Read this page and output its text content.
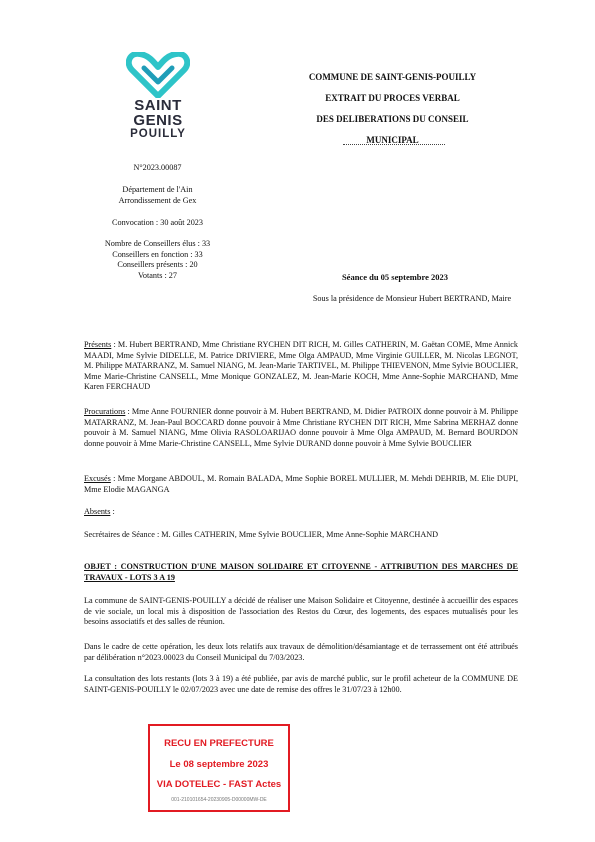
SAINT
GENIS
POUILLY
COMMUNE DE SAINT-GENIS-POUILLY
EXTRAIT DU PROCES VERBAL
DES DELIBERATIONS DU CONSEIL MUNICIPAL
N°2023.00087
Département de l'Ain
Arrondissement de Gex
Convocation : 30 août 2023
Nombre de Conseillers élus : 33
Conseillers en fonction : 33
Conseillers présents : 20
Votants : 27	Séance du 05 septembre 2023
Sous la présidence de Monsieur Hubert BERTRAND, Maire
Présents : M. Hubert BERTRAND, Mme Christiane RYCHEN DIT RICH, M. Gilles CATHERIN, M. Gaëtan COME, Mme Annick MAADI, Mme Sylvie DIDELLE, M. Patrice DRIVIERE, Mme Olga AMPAUD, Mme Virginie GUILLER, M. Nicolas LEGNOT, M. Philippe MATARRANZ, M. Samuel NIANG, M. Jean-Marie TARTIVEL, M. Philippe THIEVENON, Mme Sylvie BOUCLIER, Mme Marie-Christine CANSELL, Mme Monique GONZALEZ, M. Jean-Marie KOCH, Mme Anne-Sophie MARCHAND, Mme Karen FERCHAUD
Procurations : Mme Anne FOURNIER donne pouvoir à M. Hubert BERTRAND, M. Didier PATROIX donne pouvoir à M. Philippe MATARRANZ, M. Jean-Paul BOCCARD donne pouvoir à Mme Christiane RYCHEN DIT RICH, Mme Sabrina MERHAZ donne pouvoir à M. Samuel NIANG, Mme Olivia RASOLOARIJAO donne pouvoir à Mme Olga AMPAUD, M. Bernard BOURDON donne pouvoir à Mme Marie-Christine CANSELL, Mme Sylvie DURAND donne pouvoir à Mme Sylvie BOUCLIER
Excusés : Mme Morgane ABDOUL, M. Romain BALADA, Mme Sophie BOREL MULLIER, M. Mehdi DEHRIB, M. Elie DUPI, Mme Elodie MAGANGA
Absents :
Secrétaires de Séance : M. Gilles CATHERIN, Mme Sylvie BOUCLIER, Mme Anne-Sophie MARCHAND
OBJET : CONSTRUCTION D'UNE MAISON SOLIDAIRE ET CITOYENNE - ATTRIBUTION DES MARCHES DE TRAVAUX - LOTS 3 A 19
La commune de SAINT-GENIS-POUILLY a décidé de réaliser une Maison Solidaire et Citoyenne, destinée à accueillir des espaces de vie sociale, un local mis à disposition de l'association des Restos du Cœur, des logements, des espaces mutualisés pour les besoins associatifs et des salles de réunion.
Dans le cadre de cette opération, les deux lots relatifs aux travaux de démolition/désamiantage et de terrassement ont été attribués par délibération n°2023.00023 du Conseil Municipal du 7/03/2023.
La consultation des lots restants (lots 3 à 19) a été publiée, par avis de marché public, sur le profil acheteur de la COMMUNE DE SAINT-GENIS-POUILLY le 02/07/2023 avec une date de remise des offres le 31/07/23 à 12h00.
RECU EN PREFECTURE
Le 08 septembre 2023
VIA DOTELEC - FAST Actes
001-210101654-20230905-D00000MW-DE
